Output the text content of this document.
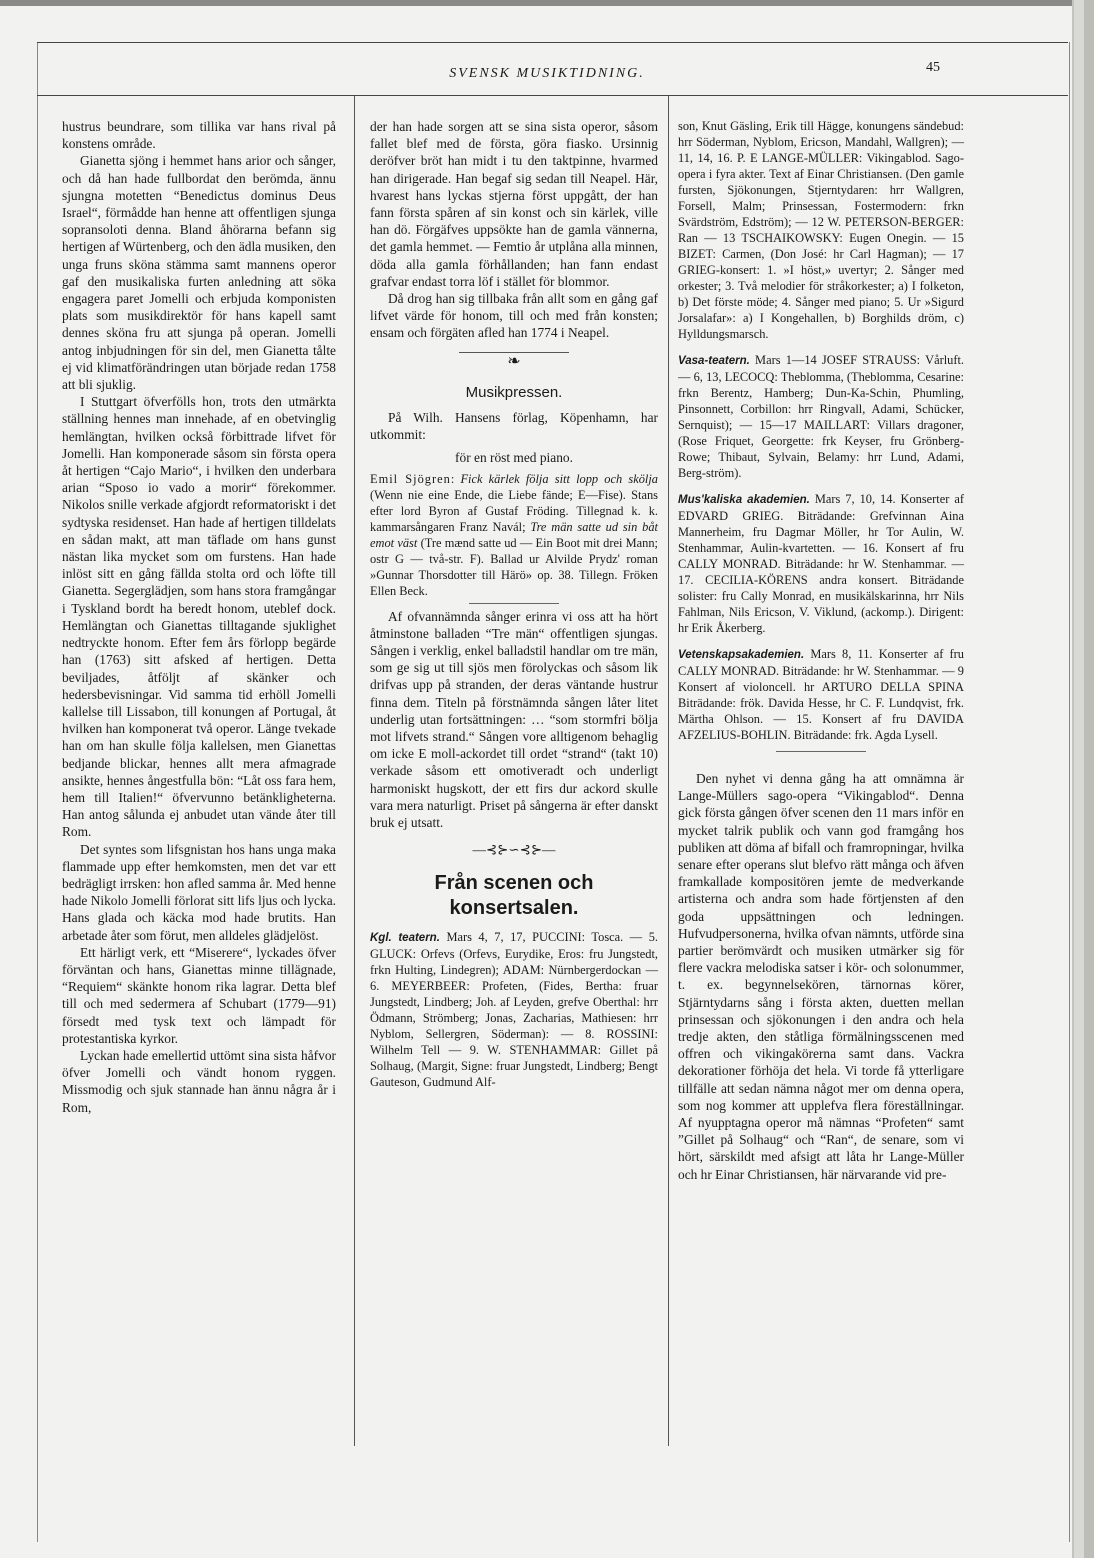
SVENSK MUSIKTIDNING.	45

hustrus beundrare, som tillika var hans rival på konstens område.

Gianetta sjöng i hemmet hans arior och sånger, och då han hade fullbordat den berömda, ännu sjungna motetten “Benedictus dominus Deus Israel“, förmådde han henne att offentligen sjunga sopransoloti denna. Bland åhörarna befann sig hertigen af Würtenberg, och den ädla musiken, den unga fruns sköna stämma samt mannens operor gaf den musikaliska furten anledning att söka engagera paret Jomelli och erbjuda komponisten plats som musikdirektör för hans kapell samt dennes sköna fru att sjunga på operan. Jomelli antog inbjudningen för sin del, men Gianetta tålte ej vid klimatförändringen utan började redan 1758 att bli sjuklig.

I Stuttgart öfverfölls hon, trots den utmärkta ställning hennes man innehade, af en obetvinglig hemlängtan, hvilken också förbittrade lifvet för Jomelli. Han komponerade såsom sin första opera åt hertigen “Cajo Mario“, i hvilken den underbara arian “Sposo io vado a morir“ förekommer. Nikolos snille verkade afgjordt reformatoriskt i det sydtyska residenset. Han hade af hertigen tilldelats en sådan makt, att man täflade om hans gunst nästan lika mycket som om furstens. Han hade inlöst sitt en gång fällda stolta ord och löfte till Gianetta. Segerglädjen, som hans stora framgångar i Tyskland bordt ha beredt honom, uteblef dock. Hemlängtan och Gianettas tilltagande sjuklighet nedtryckte honom. Efter fem års förlopp begärde han (1763) sitt afsked af hertigen. Detta beviljades, åtföljt af skänker och hedersbevisningar. Vid samma tid erhöll Jomelli kallelse till Lissabon, till konungen af Portugal, åt hvilken han komponerat två operor. Länge tvekade han om han skulle följa kallelsen, men Gianettas bedjande blickar, hennes allt mera afmagrade ansikte, hennes ångestfulla bön: “Låt oss fara hem, hem till Italien!“ öfvervunno betänkligheterna. Han antog sålunda ej anbudet utan vände åter till Rom.

Det syntes som lifsgnistan hos hans unga maka flammade upp efter hemkomsten, men det var ett bedrägligt irrsken: hon afled samma år. Med henne hade Nikolo Jomelli förlorat sitt lifs ljus och lycka. Hans glada och käcka mod hade brutits. Han arbetade åter som förut, men alldeles glädjelöst.

Ett härligt verk, ett “Miserere“, lyckades öfver förväntan och hans, Gianettas minne tillägnade, “Requiem“ skänkte honom rika lagrar. Detta blef till och med sedermera af Schubart (1779—91) försedt med tysk text och lämpadt för protestantiska kyrkor.

Lyckan hade emellertid uttömt sina sista håfvor öfver Jomelli och vändt honom ryggen. Missmodig och sjuk stannade han ännu några år i Rom,

der han hade sorgen att se sina sista operor, såsom fallet blef med de första, göra fiasko. Ursinnig deröfver bröt han midt i tu den taktpinne, hvarmed han dirigerade. Han begaf sig sedan till Neapel. Här, hvarest hans lyckas stjerna först uppgått, der han fann första spåren af sin konst och sin kärlek, ville han dö. Förgäfves uppsökte han de gamla vännerna, det gamla hemmet. — Femtio år utplåna alla minnen, döda alla gamla förhållanden; han fann endast grafvar endast torra löf i stället för blommor.

Då drog han sig tillbaka från allt som en gång gaf lifvet värde för honom, till och med från konsten; ensam och förgäten afled han 1774 i Neapel.

❧
Musikpressen.

På Wilh. Hansens förlag, Köpenhamn, har utkommit:

för en röst med piano.

Emil Sjögren: Fick kärlek följa sitt lopp och skölja (Wenn nie eine Ende, die Liebe fände; E—Fise). Stans efter lord Byron af Gustaf Fröding. Tillegnad k. k. kammarsångaren Franz Navál; Tre män satte ud sin båt emot väst (Tre mænd satte ud — Ein Boot mit drei Mann; ostr G — två-str. F). Ballad ur Alvilde Prydz' roman »Gunnar Thorsdotter till Härö» op. 38. Tillegn. Fröken Ellen Beck.

Af ofvannämnda sånger erinra vi oss att ha hört åtminstone balladen “Tre män“ offentligen sjungas. Sången i verklig, enkel balladstil handlar om tre män, som ge sig ut till sjös men förolyckas och såsom lik drifvas upp på stranden, der deras väntande hustrur finna dem. Titeln på förstnämnda sången låter litet underlig utan fortsättningen: … “som stormfri bölja mot lifvets strand.“ Sången vore alltigenom behaglig om icke E moll-ackordet till ordet “strand“ (takt 10) verkade såsom ett omotiveradt och underligt harmoniskt hugskott, der ett firs dur ackord skulle vara mera naturligt. Priset på sångerna är efter danskt bruk ej utsatt.

—⊰⊱∽⊰⊱—
Från scenen och konsertsalen.

Kgl. teatern. Mars 4, 7, 17, PUCCINI: Tosca. — 5. GLUCK: Orfevs (Orfevs, Eurydike, Eros: fru Jungstedt, frkn Hulting, Lindegren); ADAM: Nürnbergerdockan — 6. MEYERBEER: Profeten, (Fides, Bertha: fruar Jungstedt, Lindberg; Joh. af Leyden, grefve Oberthal: hrr Ödmann, Strömberg; Jonas, Zacharias, Mathiesen: hrr Nyblom, Sellergren, Söderman): — 8. ROSSINI: Wilhelm Tell — 9. W. STENHAMMAR: Gillet på Solhaug, (Margit, Signe: fruar Jungstedt, Lindberg; Bengt Gauteson, Gudmund Alf-

son, Knut Gäsling, Erik till Hägge, konungens sändebud: hrr Söderman, Nyblom, Ericson, Mandahl, Wallgren); — 11, 14, 16. P. E LANGE-MÜLLER: Vikingablod. Sago-opera i fyra akter. Text af Einar Christiansen. (Den gamle fursten, Sjökonungen, Stjerntydaren: hrr Wallgren, Forsell, Malm; Prinsessan, Fostermodern: frkn Svärdström, Edström); — 12 W. PETERSON-BERGER: Ran — 13 TSCHAIKOWSKY: Eugen Onegin. — 15 BIZET: Carmen, (Don José: hr Carl Hagman); — 17 GRIEG-konsert: 1. »I höst,» uvertyr; 2. Sånger med orkester; 3. Två melodier för stråkorkester; a) I folketon, b) Det förste möde; 4. Sånger med piano; 5. Ur »Sigurd Jorsalafar»: a) I Kongehallen, b) Borghilds dröm, c) Hylldungsmarsch.

Vasa-teatern. Mars 1—14 JOSEF STRAUSS: Vårluft. — 6, 13, LECOCQ: Theblomma, (Theblomma, Cesarine: frkn Berentz, Hamberg; Dun-Ka-Schin, Phumling, Pinsonnett, Corbillon: hrr Ringvall, Adami, Schücker, Sernquist); — 15—17 MAILLART: Villars dragoner, (Rose Friquet, Georgette: frk Keyser, fru Grönberg-Rowe; Thibaut, Sylvain, Belamy: hrr Lund, Adami, Berg-ström).

Mus'kaliska akademien. Mars 7, 10, 14. Konserter af EDVARD GRIEG. Biträdande: Grefvinnan Aina Mannerheim, fru Dagmar Möller, hr Tor Aulin, W. Stenhammar, Aulin-kvartetten. — 16. Konsert af fru CALLY MONRAD. Biträdande: hr W. Stenhammar. — 17. CECILIA-KÖRENS andra konsert. Biträdande solister: fru Cally Monrad, en musikälskarinna, hrr Nils Fahlman, Nils Ericson, V. Viklund, (ackomp.). Dirigent: hr Erik Åkerberg.

Vetenskapsakademien. Mars 8, 11. Konserter af fru CALLY MONRAD. Biträdande: hr W. Stenhammar. — 9 Konsert af violoncell. hr ARTURO DELLA SPINA Biträdande: frök. Davida Hesse, hr C. F. Lundqvist, frk. Märtha Ohlson. — 15. Konsert af fru DAVIDA AFZELIUS-BOHLIN. Biträdande: frk. Agda Lysell.

Den nyhet vi denna gång ha att omnämna är Lange-Müllers sago-opera “Vikingablod“. Denna gick första gången öfver scenen den 11 mars inför en mycket talrik publik och vann god framgång hos publiken att döma af bifall och framropningar, hvilka senare efter operans slut blefvo rätt många och äfven framkallade kompositören jemte de medverkande artisterna och andra som hade förtjensten af den goda uppsättningen och ledningen. Hufvudpersonerna, hvilka ofvan nämnts, utförde sina partier berömvärdt och musiken utmärker sig för flere vackra melodiska satser i kör- och solonummer, t. ex. begynnelsekören, tärnornas körer, Stjärntydarns sång i första akten, duetten mellan prinsessan och sjökonungen i den andra och hela tredje akten, den ståtliga förmälningsscenen med offren och vikingakörerna samt dans. Vackra dekorationer förhöja det hela. Vi torde få ytterligare tillfälle att sedan nämna något mer om denna opera, som nog kommer att upplefva flera föreställningar. Af nyupptagna operor må nämnas “Profeten“ samt ”Gillet på Solhaug“ och “Ran“, de senare, som vi hört, särskildt med afsigt att låta hr Lange-Müller och hr Einar Christiansen, här närvarande vid pre-
